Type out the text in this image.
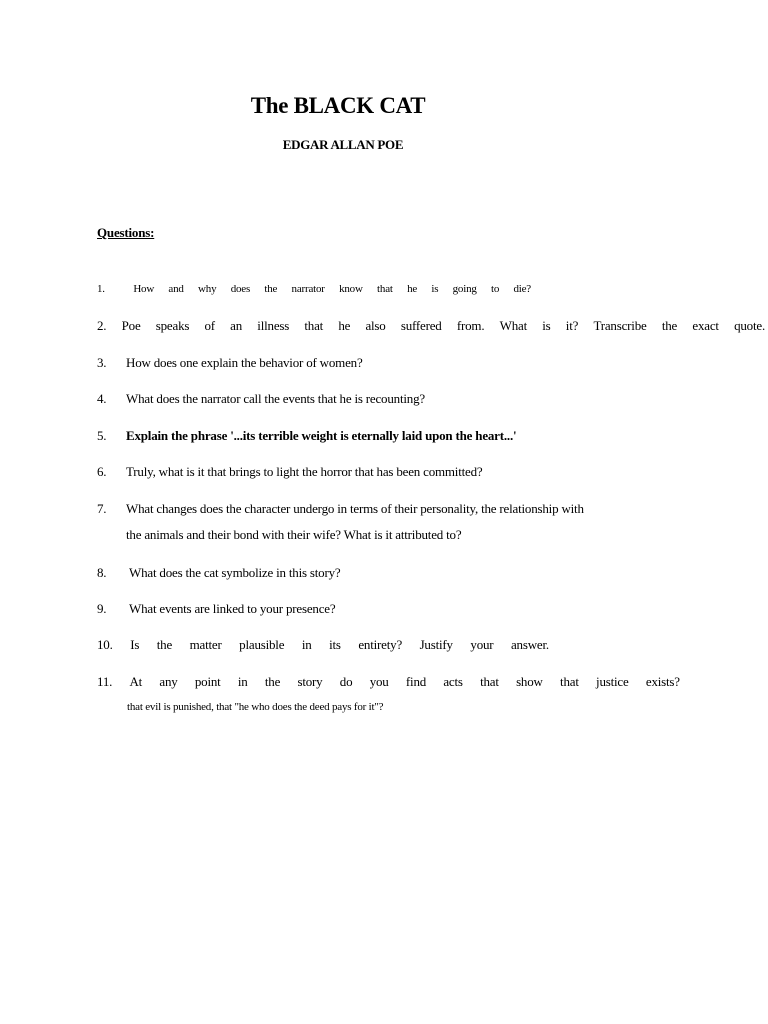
The BLACK CAT
EDGAR ALLAN POE
Questions:
1.	How and why does the narrator know that he is going to die?
2. Poe speaks of an illness that he also suffered from. What is it? Transcribe the exact quote.
3. How does one explain the behavior of women?
4. What does the narrator call the events that he is recounting?
5. Explain the phrase '...its terrible weight is eternally laid upon the heart...'
6. Truly, what is it that brings to light the horror that has been committed?
7. What changes does the character undergo in terms of their personality, the relationship with
the animals and their bond with their wife? What is it attributed to?
8. What does the cat symbolize in this story?
9. What events are linked to your presence?
10. Is the matter plausible in its entirety? Justify your answer.
11. At any point in the story do you find acts that show that justice exists?
that evil is punished, that "he who does the deed pays for it"?
